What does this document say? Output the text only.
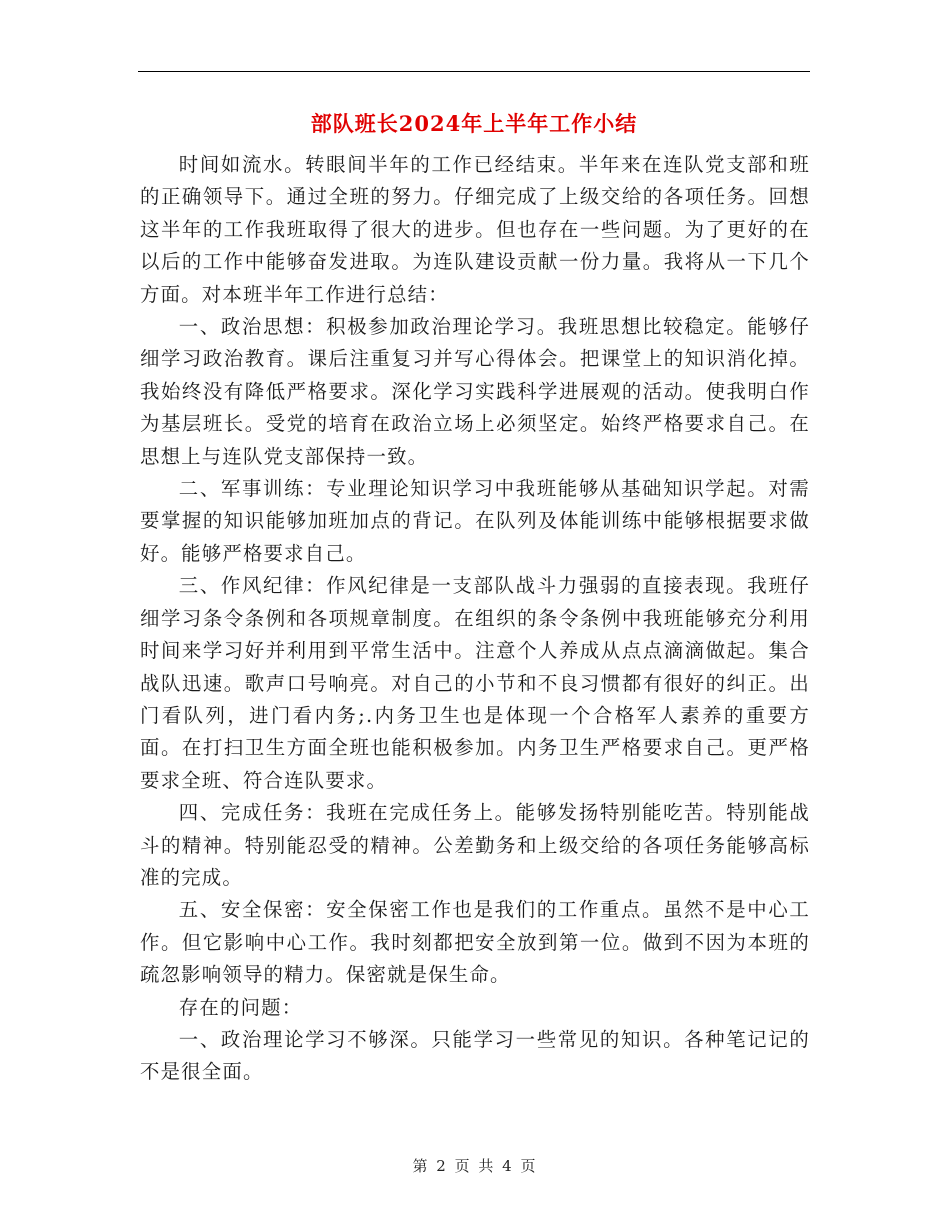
部队班长2024年上半年工作小结

时间如流水。转眼间半年的工作已经结束。半年来在连队党支部和班的正确领导下。通过全班的努力。仔细完成了上级交给的各项任务。回想这半年的工作我班取得了很大的进步。但也存在一些问题。为了更好的在以后的工作中能够奋发进取。为连队建设贡献一份力量。我将从一下几个方面。对本班半年工作进行总结：

一、政治思想：积极参加政治理论学习。我班思想比较稳定。能够仔细学习政治教育。课后注重复习并写心得体会。把课堂上的知识消化掉。我始终没有降低严格要求。深化学习实践科学进展观的活动。使我明白作为基层班长。受党的培育在政治立场上必须坚定。始终严格要求自己。在思想上与连队党支部保持一致。

二、军事训练：专业理论知识学习中我班能够从基础知识学起。对需要掌握的知识能够加班加点的背记。在队列及体能训练中能够根据要求做好。能够严格要求自己。

三、作风纪律：作风纪律是一支部队战斗力强弱的直接表现。我班仔细学习条令条例和各项规章制度。在组织的条令条例中我班能够充分利用时间来学习好并利用到平常生活中。注意个人养成从点点滴滴做起。集合战队迅速。歌声口号响亮。对自己的小节和不良习惯都有很好的纠正。出门看队列，进门看内务;.内务卫生也是体现一个合格军人素养的重要方面。在打扫卫生方面全班也能积极参加。内务卫生严格要求自己。更严格要求全班、符合连队要求。

四、完成任务：我班在完成任务上。能够发扬特别能吃苦。特别能战斗的精神。特别能忍受的精神。公差勤务和上级交给的各项任务能够高标准的完成。

五、安全保密：安全保密工作也是我们的工作重点。虽然不是中心工作。但它影响中心工作。我时刻都把安全放到第一位。做到不因为本班的疏忽影响领导的精力。保密就是保生命。

存在的问题：

一、政治理论学习不够深。只能学习一些常见的知识。各种笔记记的不是很全面。

第 2 页 共 4 页
